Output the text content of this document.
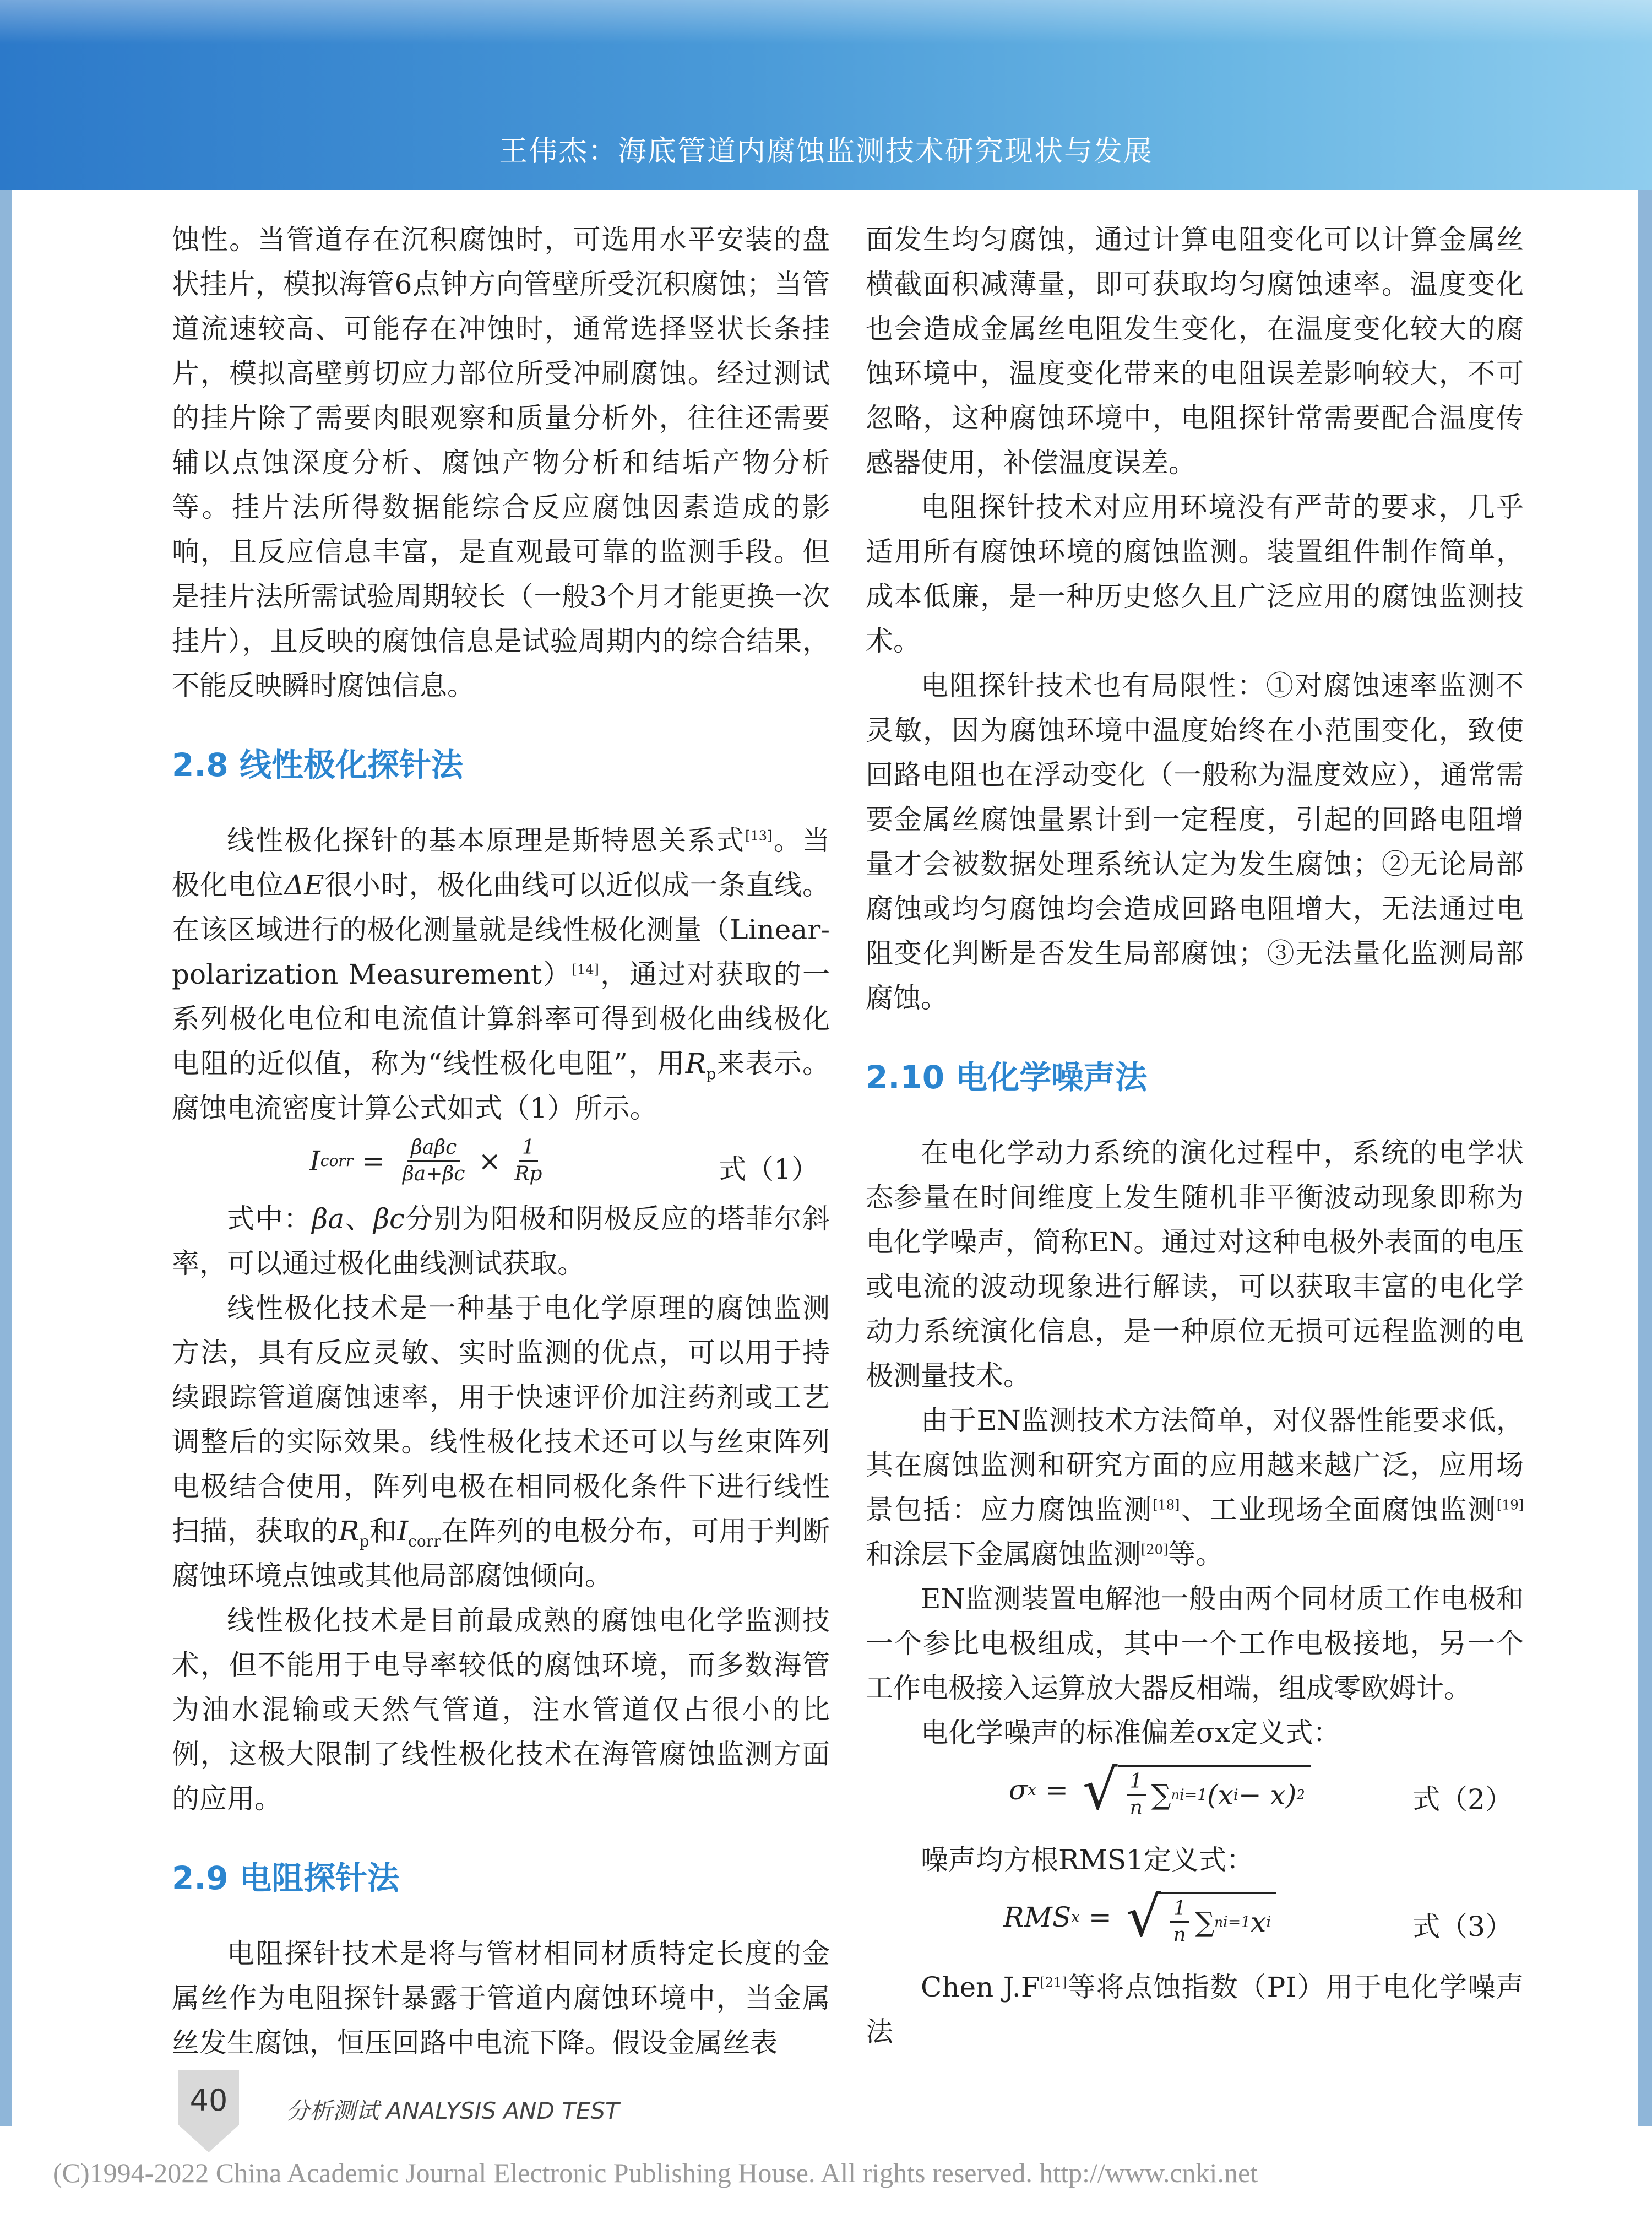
王伟杰：海底管道内腐蚀监测技术研究现状与发展

蚀性。当管道存在沉积腐蚀时，可选用水平安装的盘状挂片，模拟海管6点钟方向管壁所受沉积腐蚀；当管道流速较高、可能存在冲蚀时，通常选择竖状长条挂片，模拟高壁剪切应力部位所受冲刷腐蚀。经过测试的挂片除了需要肉眼观察和质量分析外，往往还需要辅以点蚀深度分析、腐蚀产物分析和结垢产物分析等。挂片法所得数据能综合反应腐蚀因素造成的影响，且反应信息丰富，是直观最可靠的监测手段。但是挂片法所需试验周期较长（一般3个月才能更换一次挂片），且反映的腐蚀信息是试验周期内的综合结果，不能反映瞬时腐蚀信息。

2.8 线性极化探针法

线性极化探针的基本原理是斯特恩关系式[13]。当极化电位ΔE很小时，极化曲线可以近似成一条直线。在该区域进行的极化测量就是线性极化测量（Linear-polarization Measurement）[14]，通过对获取的一系列极化电位和电流值计算斜率可得到极化曲线极化电阻的近似值，称为“线性极化电阻”，用$R_p$来表示。腐蚀电流密度计算公式如式（1）所示。

I corr = $\frac{\text{βaβc}}{\beta a+\beta c} \times \frac{1}{Rp}$	式（1）

式中：βa、βc分别为阳极和阴极反应的塔菲尔斜率，可以通过极化曲线测试获取。

线性极化技术是一种基于电化学原理的腐蚀监测方法，具有反应灵敏、实时监测的优点，可以用于持续跟踪管道腐蚀速率，用于快速评价加注药剂或工艺调整后的实际效果。线性极化技术还可以与丝束阵列电极结合使用，阵列电极在相同极化条件下进行线性扫描，获取的$R_p$和$I_{corr}$在阵列的电极分布，可用于判断腐蚀环境点蚀或其他局部腐蚀倾向。

线性极化技术是目前最成熟的腐蚀电化学监测技术，但不能用于电导率较低的腐蚀环境，而多数海管为油水混输或天然气管道，注水管道仅占很小的比例，这极大限制了线性极化技术在海管腐蚀监测方面的应用。

2.9 电阻探针法

电阻探针技术是将与管材相同材质特定长度的金属丝作为电阻探针暴露于管道内腐蚀环境中，当金属丝发生腐蚀，恒压回路中电流下降。假设金属丝表

面发生均匀腐蚀，通过计算电阻变化可以计算金属丝横截面积减薄量，即可获取均匀腐蚀速率。温度变化也会造成金属丝电阻发生变化，在温度变化较大的腐蚀环境中，温度变化带来的电阻误差影响较大，不可忽略，这种腐蚀环境中，电阻探针常需要配合温度传感器使用，补偿温度误差。

电阻探针技术对应用环境没有严苛的要求，几乎适用所有腐蚀环境的腐蚀监测。装置组件制作简单，成本低廉，是一种历史悠久且广泛应用的腐蚀监测技术。

电阻探针技术也有局限性：①对腐蚀速率监测不灵敏，因为腐蚀环境中温度始终在小范围变化，致使回路电阻也在浮动变化（一般称为温度效应），通常需要金属丝腐蚀量累计到一定程度，引起的回路电阻增量才会被数据处理系统认定为发生腐蚀；②无论局部腐蚀或均匀腐蚀均会造成回路电阻增大，无法通过电阻变化判断是否发生局部腐蚀；③无法量化监测局部腐蚀。

2.10 电化学噪声法

在电化学动力系统的演化过程中，系统的电学状态参量在时间维度上发生随机非平衡波动现象即称为电化学噪声，简称EN。通过对这种电极外表面的电压或电流的波动现象进行解读，可以获取丰富的电化学动力系统演化信息，是一种原位无损可远程监测的电极测量技术。

由于EN监测技术方法简单，对仪器性能要求低，其在腐蚀监测和研究方面的应用越来越广泛，应用场景包括：应力腐蚀监测[18]、工业现场全面腐蚀监测[19]和涂层下金属腐蚀监测[20]等。

EN监测装置电解池一般由两个同材质工作电极和一个参比电极组成，其中一个工作电极接地，另一个工作电极接入运算放大器反相端，组成零欧姆计。

电化学噪声的标准偏差σx定义式：

σ x = √ $\frac{1}{n}$ ∑ n i=1 (x i − x) 2	式（2）

噪声均方根RMS1定义式：

RMS x = √ $\frac{1}{n}$ ∑ n i=1 x i	式（3）

Chen J.F[21]等将点蚀指数（PI）用于电化学噪声法

40	分析测试 ANALYSIS AND TEST
(C)1994-2022 China Academic Journal Electronic Publishing House. All rights reserved. http://www.cnki.net
